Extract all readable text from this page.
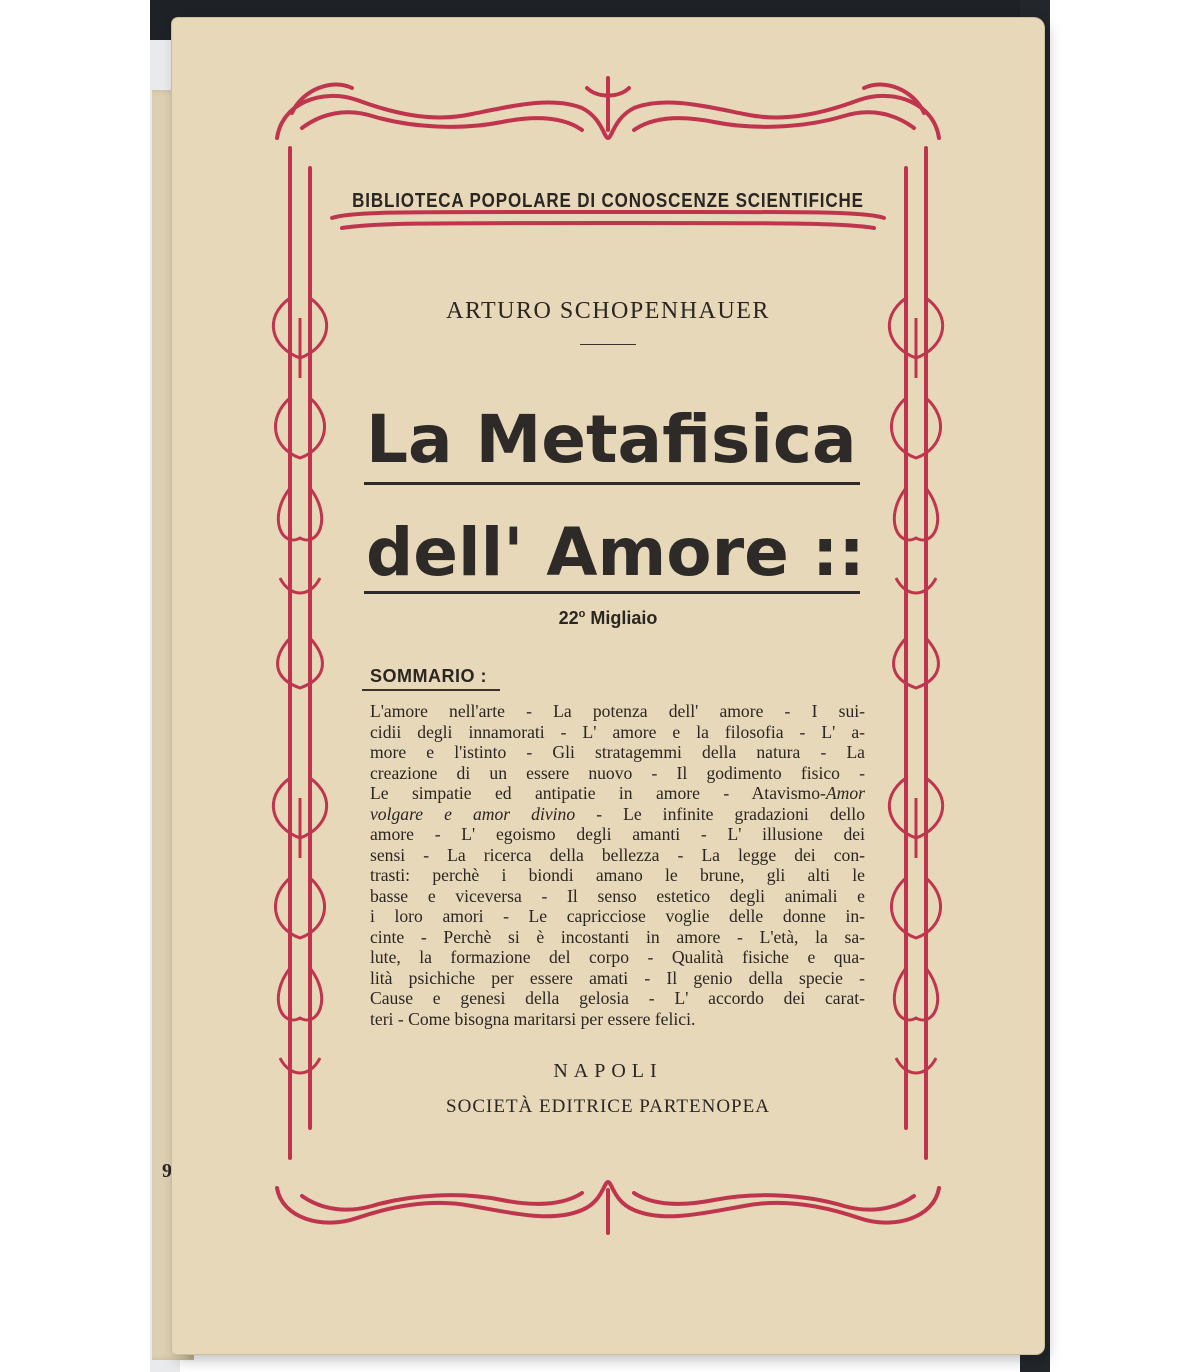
9
BIBLIOTECA POPOLARE DI CONOSCENZE SCIENTIFICHE
ARTURO SCHOPENHAUER
La Metafisica
dell' Amore ::
22$^o$ Migliaio
SOMMARIO :
L'amore nell'arte - La potenza dell' amore - I sui-
cidii degli innamorati - L' amore e la filosofia - L' a-
more e l'istinto - Gli stratagemmi della natura - La
creazione di un essere nuovo - Il godimento fisico -
Le simpatie ed antipatie in amore - Atavismo-Amor
volgare e amor divino - Le infinite gradazioni dello
amore - L' egoismo degli amanti - L' illusione dei
sensi - La ricerca della bellezza - La legge dei con-
trasti: perchè i biondi amano le brune, gli alti le
basse e viceversa - Il senso estetico degli animali e
i loro amori - Le capricciose voglie delle donne in-
cinte - Perchè si è incostanti in amore - L'età, la sa-
lute, la formazione del corpo - Qualità fisiche e qua-
lità psichiche per essere amati - Il genio della specie -
Cause e genesi della gelosia - L' accordo dei carat-
teri - Come bisogna maritarsi per essere felici.
NAPOLI
SOCIETÀ EDITRICE PARTENOPEA
